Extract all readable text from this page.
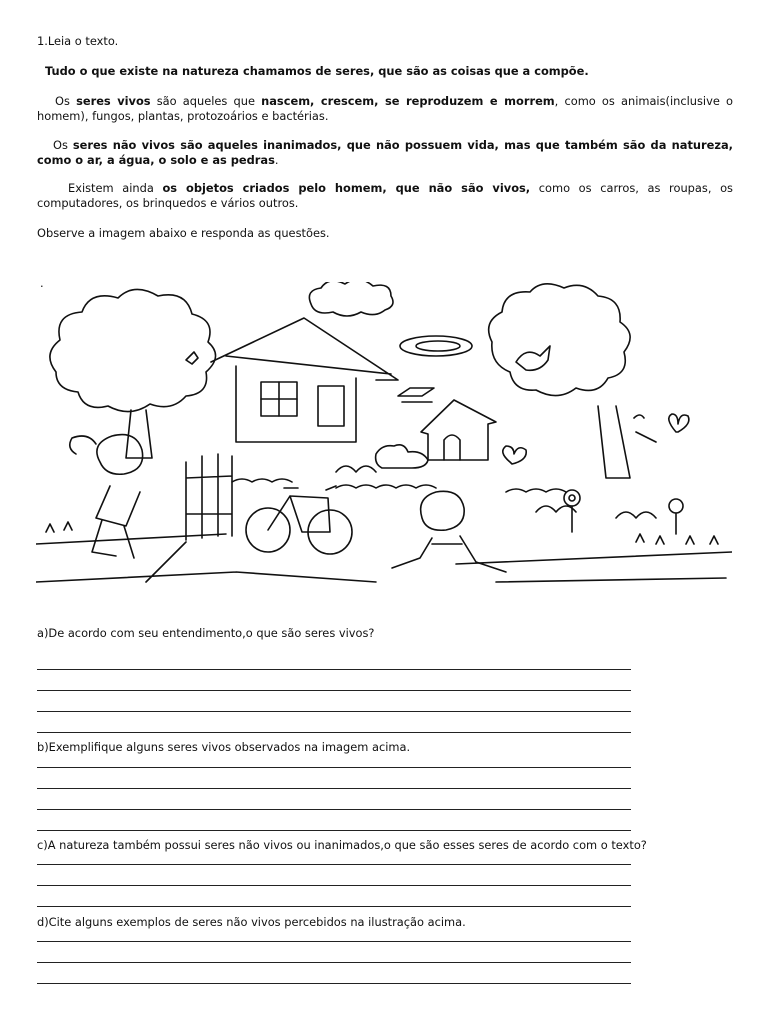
1.Leia o texto.

Tudo o que existe na natureza chamamos de seres, que são as coisas que a compõe.

Os seres vivos são aqueles que nascem, crescem, se reproduzem e morrem, como os animais(inclusive o homem), fungos, plantas, protozoários e bactérias.

Os seres não vivos são aqueles inanimados, que não possuem vida, mas que também são da natureza, como o ar, a água, o solo e as pedras.

Existem ainda os objetos criados pelo homem, que não são vivos, como os carros, as roupas, os computadores, os brinquedos e vários outros.

Observe a imagem abaixo e responda as questões.

.

a)De acordo com seu entendimento,o que são seres vivos?

b)Exemplifique alguns seres vivos observados na imagem acima.

c)A natureza também possui seres não vivos ou inanimados,o que são esses seres de acordo com o texto?

d)Cite alguns exemplos de seres não vivos percebidos na ilustração acima.
